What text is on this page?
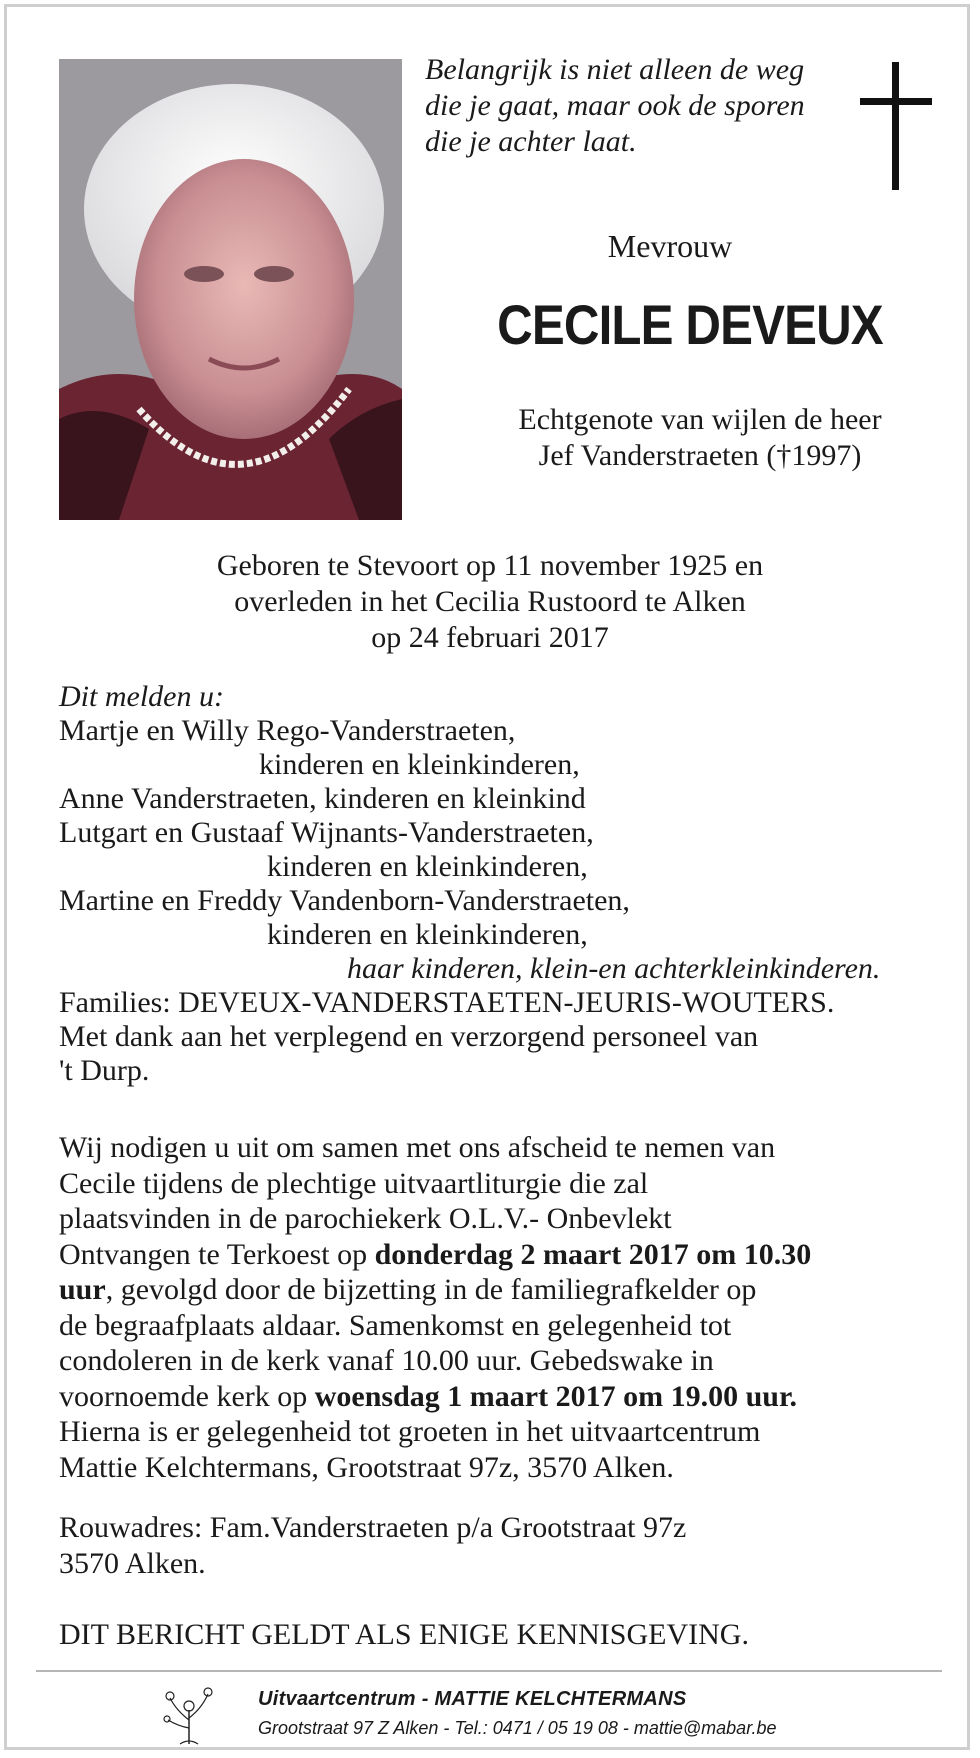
Belangrijk is niet alleen de weg
die je gaat, maar ook de sporen
die je achter laat.
Mevrouw
CECILE DEVEUX
Echtgenote van wijlen de heer
Jef Vanderstraeten (†1997)
Geboren te Stevoort op 11 november 1925 en
overleden in het Cecilia Rustoord te Alken
op 24 februari 2017
Dit melden u:
Martje en Willy Rego-Vanderstraeten,
kinderen en kleinkinderen,
Anne Vanderstraeten, kinderen en kleinkind
Lutgart en Gustaaf Wijnants-Vanderstraeten,
kinderen en kleinkinderen,
Martine en Freddy Vandenborn-Vanderstraeten,
kinderen en kleinkinderen,
haar kinderen, klein-en achterkleinkinderen.
Families: DEVEUX-VANDERSTAETEN-JEURIS-WOUTERS.
Met dank aan het verplegend en verzorgend personeel van
't Durp.
Wij nodigen u uit om samen met ons afscheid te nemen van
Cecile tijdens de plechtige uitvaartliturgie die zal
plaatsvinden in de parochiekerk O.L.V.- Onbevlekt
Ontvangen te Terkoest op donderdag 2 maart 2017 om 10.30
uur, gevolgd door de bijzetting in de familiegrafkelder op
de begraafplaats aldaar. Samenkomst en gelegenheid tot
condoleren in de kerk vanaf 10.00 uur. Gebedswake in
voornoemde kerk op woensdag 1 maart 2017 om 19.00 uur.
Hierna is er gelegenheid tot groeten in het uitvaartcentrum
Mattie Kelchtermans, Grootstraat 97z, 3570 Alken.
Rouwadres: Fam.Vanderstraeten p/a Grootstraat 97z
3570 Alken.
DIT BERICHT GELDT ALS ENIGE KENNISGEVING.
Uitvaartcentrum - MATTIE KELCHTERMANS
Grootstraat 97 Z Alken - Tel.: 0471 / 05 19 08 - mattie@mabar.be
